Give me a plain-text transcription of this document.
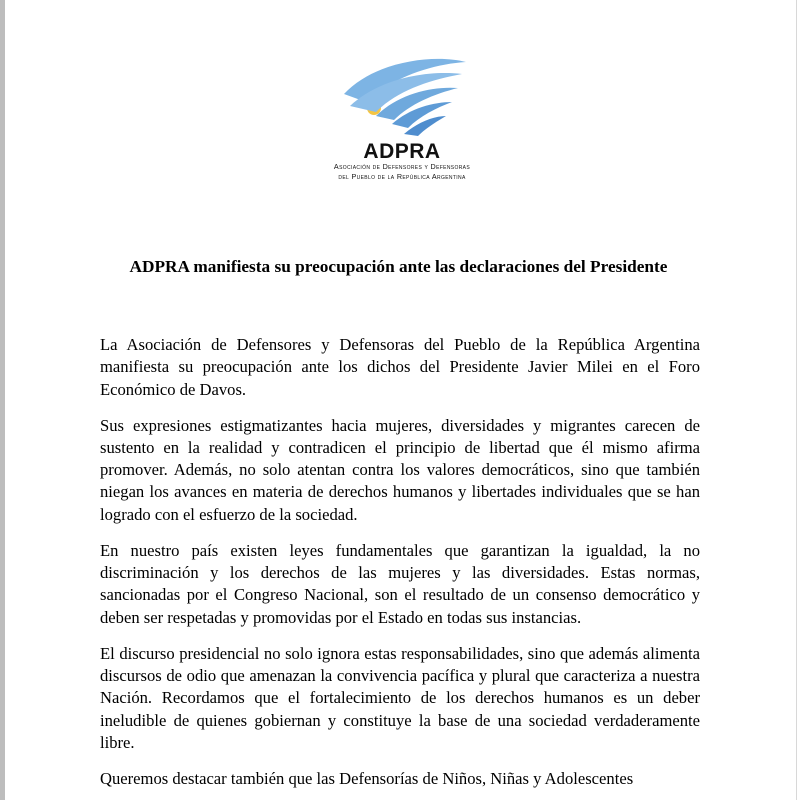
ADPRA
Asociación de Defensores y Defensoras
del Pueblo de la República Argentina
ADPRA manifiesta su preocupación ante las declaraciones del Presidente

La Asociación de Defensores y Defensoras del Pueblo de la República Argentina manifiesta su preocupación ante los dichos del Presidente Javier Milei en el Foro Económico de Davos.

Sus expresiones estigmatizantes hacia mujeres, diversidades y migrantes carecen de sustento en la realidad y contradicen el principio de libertad que él mismo afirma promover. Además, no solo atentan contra los valores democráticos, sino que también niegan los avances en materia de derechos humanos y libertades individuales que se han logrado con el esfuerzo de la sociedad.

En nuestro país existen leyes fundamentales que garantizan la igualdad, la no discriminación y los derechos de las mujeres y las diversidades. Estas normas, sancionadas por el Congreso Nacional, son el resultado de un consenso democrático y deben ser respetadas y promovidas por el Estado en todas sus instancias.

El discurso presidencial no solo ignora estas responsabilidades, sino que además alimenta discursos de odio que amenazan la convivencia pacífica y plural que caracteriza a nuestra Nación. Recordamos que el fortalecimiento de los derechos humanos es un deber ineludible de quienes gobiernan y constituye la base de una sociedad verdaderamente libre.

Queremos destacar también que las Defensorías de Niños, Niñas y Adolescentes
